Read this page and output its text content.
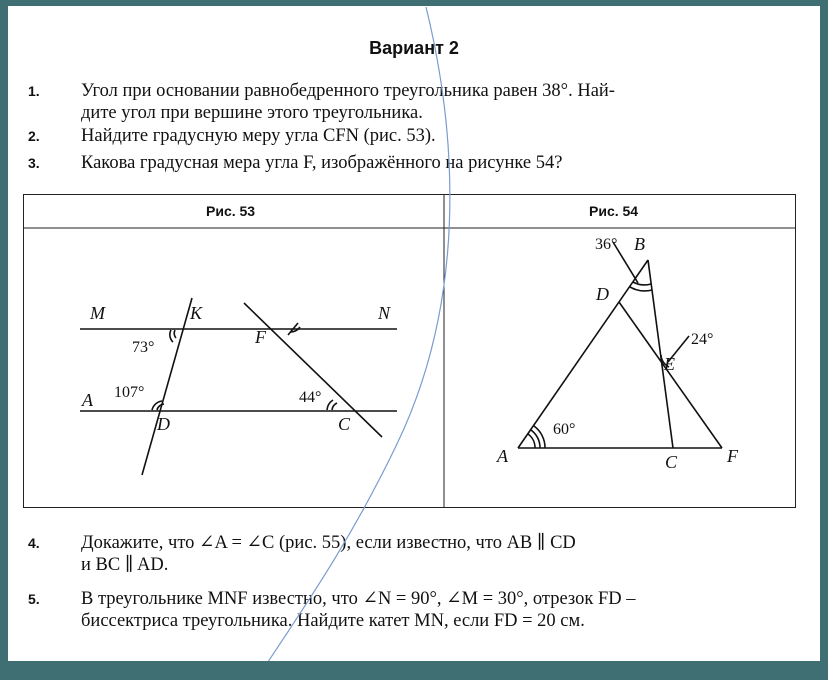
Вариант 2
1. Угол при основании равнобедренного треугольника равен 38°. Най-
дите угол при вершине этого треугольника.
2. Найдите градусную меру угла CFN (рис. 53).
3. Какова градусная мера угла F, изображённого на рисунке 54?
Рис. 53	Рис. 54
M	K	N
F
A
D	C
73°
107°	44°
B
D
E
A	C	F
36°
24°
60°
4. Докажите, что ∠A = ∠C (рис. 55), если известно, что AB ∥ CD
и BC ∥ AD.
5. В треугольнике MNF известно, что ∠N = 90°, ∠M = 30°, отрезок FD –
биссектриса треугольника. Найдите катет MN, если FD = 20 см.
